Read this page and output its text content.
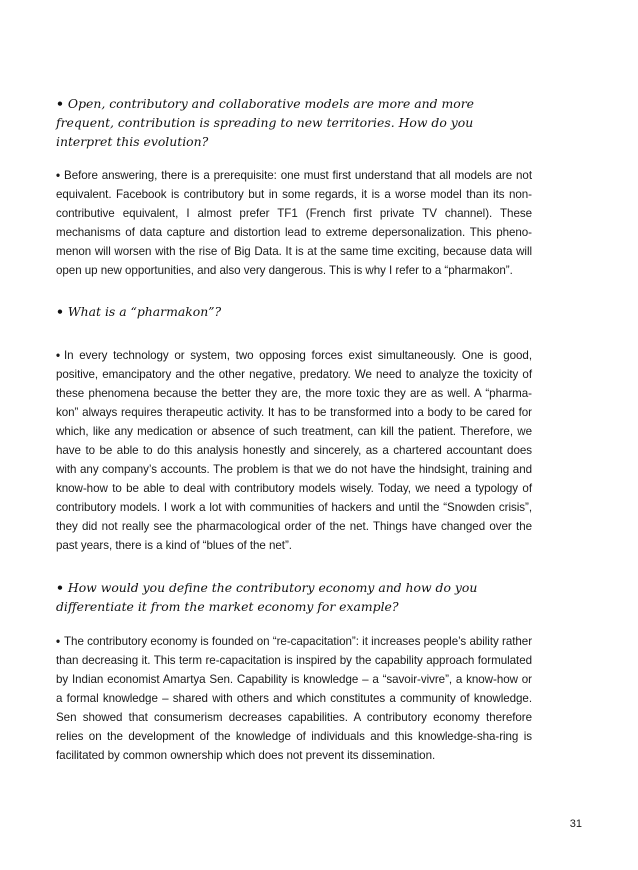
• Open, contributory and collaborative models are more and more frequent, contribution is spreading to new territories. How do you interpret this evolution?

• Before answering, there is a prerequisite: one must first understand that all models are not equivalent. Facebook is contributory but in some regards, it is a worse model than its non-contributive equivalent, I almost prefer TF1 (French first private TV channel). These mechanisms of data capture and distortion lead to extreme depersonalization. This pheno-menon will worsen with the rise of Big Data. It is at the same time exciting, because data will open up new opportunities, and also very dangerous. This is why I refer to a “pharmakon”.

• What is a “pharmakon”?

• In every technology or system, two opposing forces exist simultaneously. One is good, positive, emancipatory and the other negative, predatory. We need to analyze the toxicity of these phenomena because the better they are, the more toxic they are as well. A “pharma-kon” always requires therapeutic activity. It has to be transformed into a body to be cared for which, like any medication or absence of such treatment, can kill the patient. Therefore, we have to be able to do this analysis honestly and sincerely, as a chartered accountant does with any company’s accounts. The problem is that we do not have the hindsight, training and know-how to be able to deal with contributory models wisely. Today, we need a typology of contributory models. I work a lot with communities of hackers and until the “Snowden crisis”, they did not really see the pharmacological order of the net. Things have changed over the past years, there is a kind of “blues of the net”.

• How would you define the contributory economy and how do you differentiate it from the market economy for example?

• The contributory economy is founded on “re-capacitation”: it increases people’s ability rather than decreasing it. This term re-capacitation is inspired by the capability approach formulated by Indian economist Amartya Sen. Capability is knowledge – a “savoir-vivre”, a know-how or a formal knowledge – shared with others and which constitutes a community of knowledge. Sen showed that consumerism decreases capabilities. A contributory economy therefore relies on the development of the knowledge of individuals and this knowledge-sha-ring is facilitated by common ownership which does not prevent its dissemination.

31
